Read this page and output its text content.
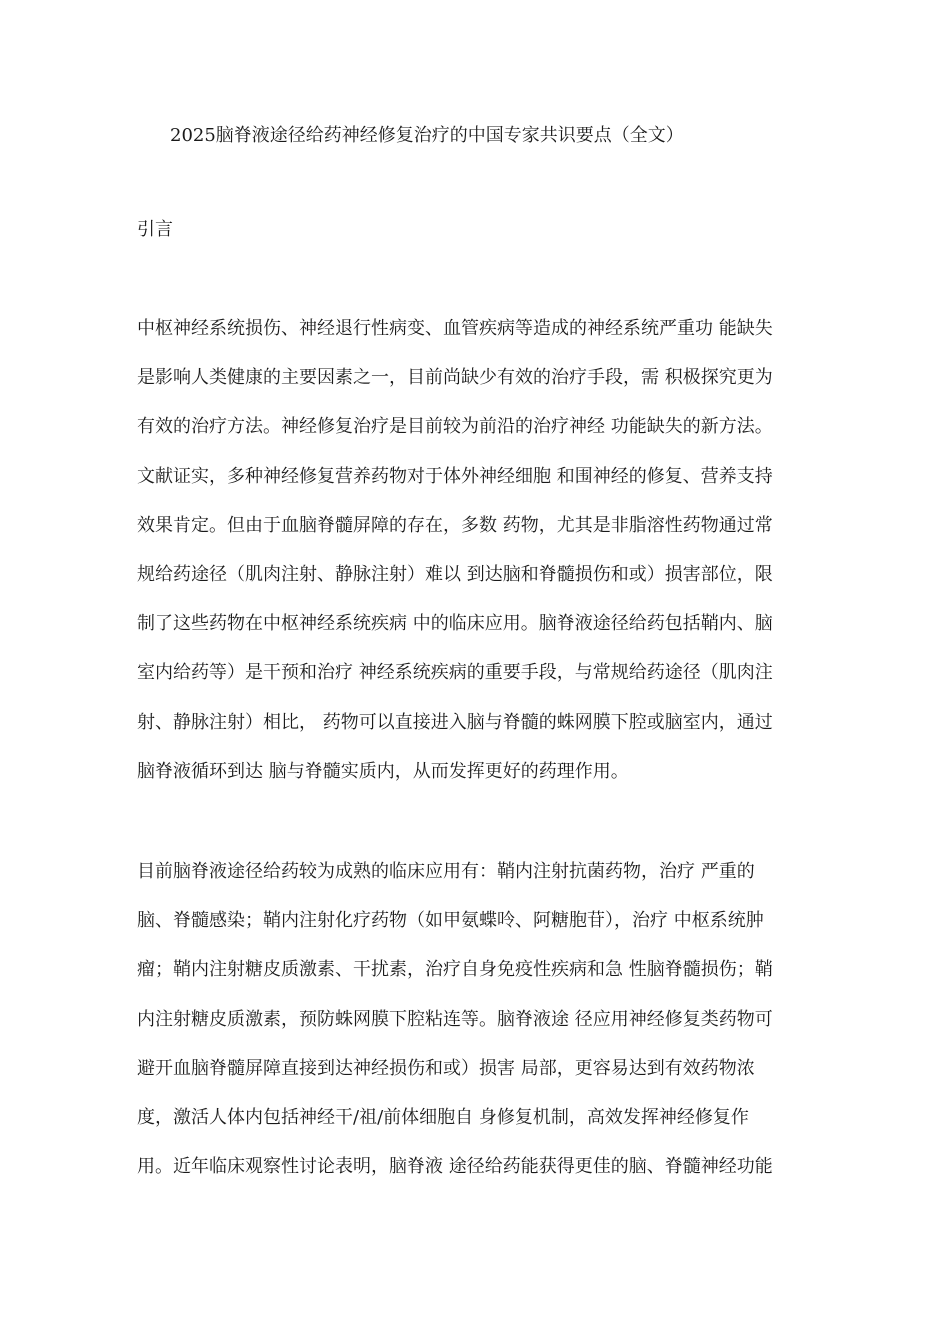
2025脑脊液途径给药神经修复治疗的中国专家共识要点（全文）
引言
中枢神经系统损伤、神经退行性病变、血管疾病等造成的神经系统严重功 能缺失
是影响人类健康的主要因素之一，目前尚缺少有效的治疗手段，需 积极探究更为
有效的治疗方法。神经修复治疗是目前较为前沿的治疗神经 功能缺失的新方法。
文献证实，多种神经修复营养药物对于体外神经细胞 和围神经的修复、营养支持
效果肯定。但由于血脑脊髓屏障的存在，多数 药物，尤其是非脂溶性药物通过常
规给药途径（肌肉注射、静脉注射）难以 到达脑和脊髓损伤和或）损害部位，限
制了这些药物在中枢神经系统疾病 中的临床应用。脑脊液途径给药包括鞘内、脑
室内给药等）是干预和治疗 神经系统疾病的重要手段，与常规给药途径（肌肉注
射、静脉注射）相比， 药物可以直接进入脑与脊髓的蛛网膜下腔或脑室内，通过
脑脊液循环到达 脑与脊髓实质内，从而发挥更好的药理作用。
目前脑脊液途径给药较为成熟的临床应用有：鞘内注射抗菌药物，治疗 严重的
脑、脊髓感染；鞘内注射化疗药物（如甲氨蝶呤、阿糖胞苷），治疗 中枢系统肿
瘤；鞘内注射糖皮质激素、干扰素，治疗自身免疫性疾病和急 性脑脊髓损伤；鞘
内注射糖皮质激素，预防蛛网膜下腔粘连等。脑脊液途 径应用神经修复类药物可
避开血脑脊髓屏障直接到达神经损伤和或）损害 局部，更容易达到有效药物浓
度，激活人体内包括神经干/祖/前体细胞自 身修复机制，高效发挥神经修复作
用。近年临床观察性讨论表明，脑脊液 途径给药能获得更佳的脑、脊髓神经功能
